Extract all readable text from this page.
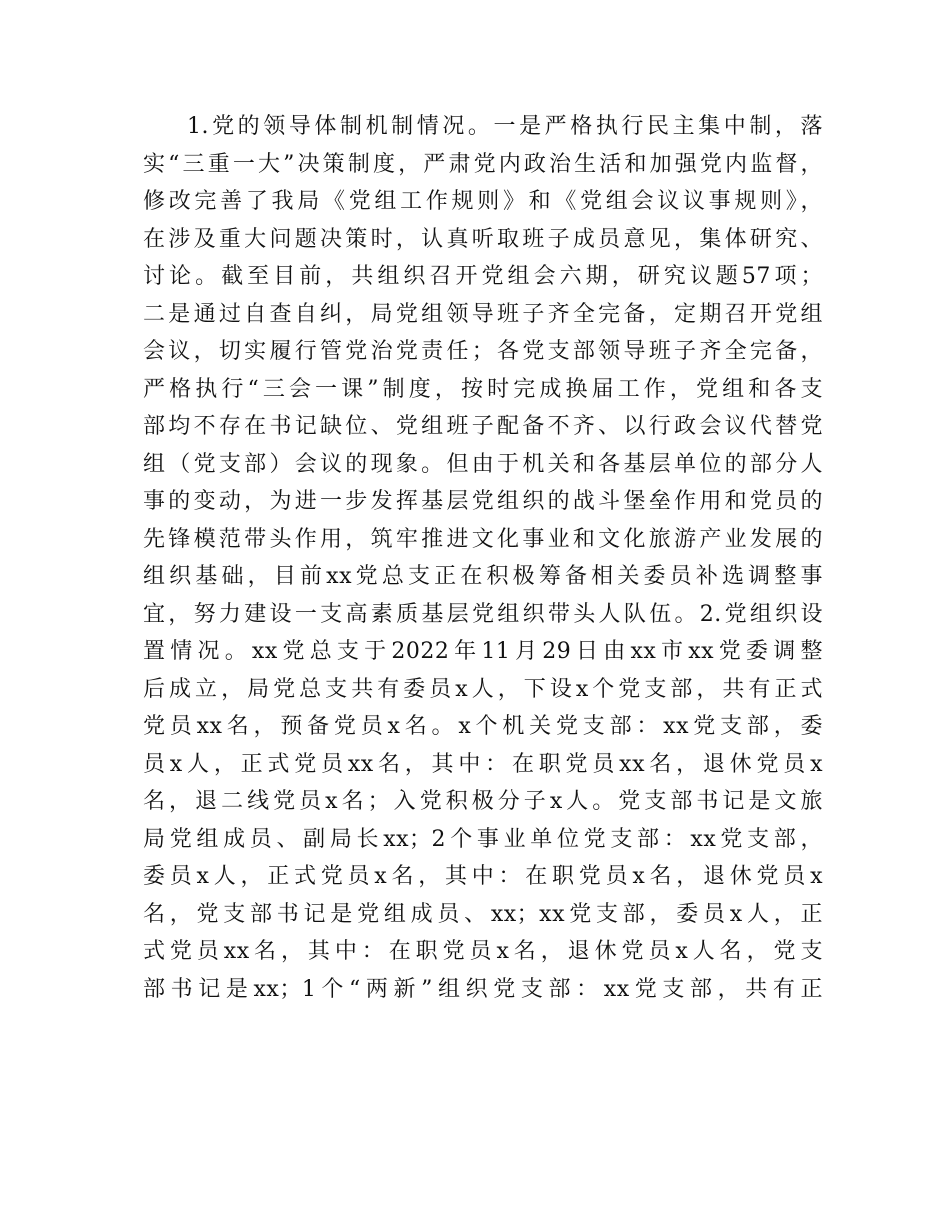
1.党的领导体制机制情况。一是严格执行民主集中制，落
实“三重一大”决策制度，严肃党内政治生活和加强党内监督，
修改完善了我局《党组工作规则》和《党组会议议事规则》，
在涉及重大问题决策时，认真听取班子成员意见，集体研究、
讨论。截至目前，共组织召开党组会六期，研究议题57项；
二是通过自查自纠，局党组领导班子齐全完备，定期召开党组
会议，切实履行管党治党责任；各党支部领导班子齐全完备，
严格执行“三会一课”制度，按时完成换届工作，党组和各支
部均不存在书记缺位、党组班子配备不齐、以行政会议代替党
组（党支部）会议的现象。但由于机关和各基层单位的部分人
事的变动，为进一步发挥基层党组织的战斗堡垒作用和党员的
先锋模范带头作用，筑牢推进文化事业和文化旅游产业发展的
组织基础，目前xx党总支正在积极筹备相关委员补选调整事
宜，努力建设一支高素质基层党组织带头人队伍。2.党组织设
置情况。xx党总支于2022年11月29日由xx市xx党委调整
后成立，局党总支共有委员x人，下设x个党支部，共有正式
党员xx名，预备党员x名。x个机关党支部：xx党支部，委
员x人，正式党员xx名，其中：在职党员xx名，退休党员x
名，退二线党员x名；入党积极分子x人。党支部书记是文旅
局党组成员、副局长xx；2个事业单位党支部：xx党支部，
委员x人，正式党员x名，其中：在职党员x名，退休党员x
名，党支部书记是党组成员、xx；xx党支部，委员x人，正
式党员xx名，其中：在职党员x名，退休党员x人名，党支
部书记是xx；1个“两新”组织党支部：xx党支部，共有正
